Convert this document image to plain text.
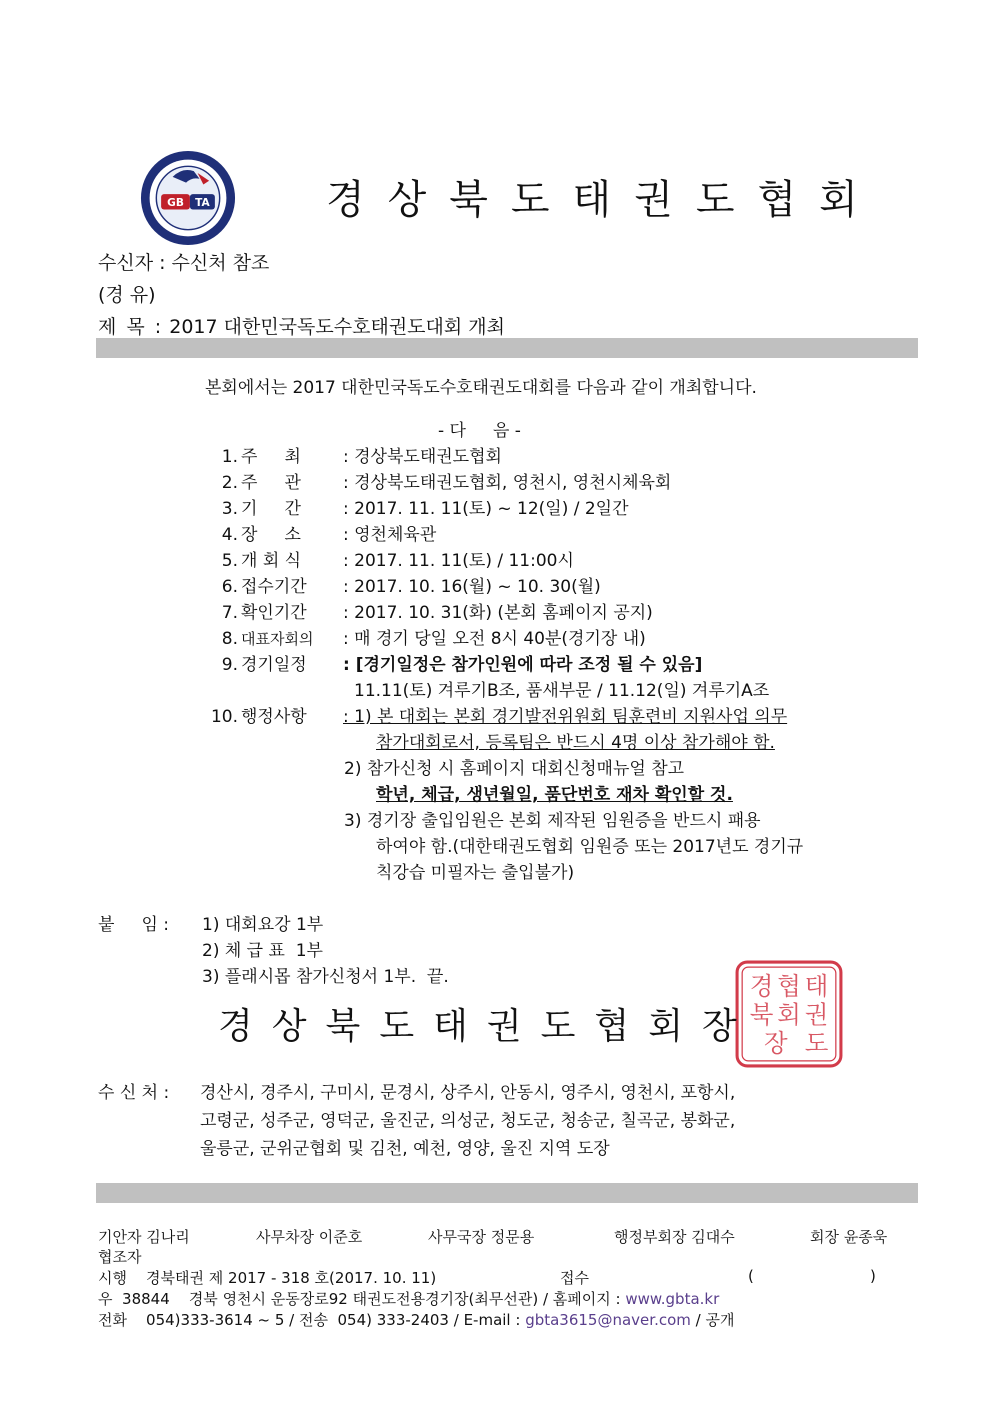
GB TA	경상북도태권도협회
수신자 : 수신처 참조
(경 유)
제 목 : 2017 대한민국독도수호태권도대회 개최
본회에서는 2017 대한민국독도수호태권도대회를 다음과 같이 개최합니다.
- 다     음 -
1. 주     최 : 경상북도태권도협회
2. 주     관 : 경상북도태권도협회, 영천시, 영천시체육회
3. 기     간 : 2017. 11. 11(토) ~ 12(일) / 2일간
4. 장     소 : 영천체육관
5. 개 회 식 : 2017. 11. 11(토) / 11:00시
6. 접수기간 : 2017. 10. 16(월) ~ 10. 30(월)
7. 확인기간 : 2017. 10. 31(화) (본회 홈페이지 공지)
8. 대표자회의 : 매 경기 당일 오전 8시 40분(경기장 내)
9. 경기일정 : [경기일정은 참가인원에 따라 조정 될 수 있음]
11.11(토) 겨루기B조, 품새부문 / 11.12(일) 겨루기A조
10. 행정사항 : 1) 본 대회는 본회 경기발전위원회 팀훈련비 지원사업 의무
참가대회로서, 등록팀은 반드시 4명 이상 참가해야 함.
2) 참가신청 시 홈페이지 대회신청매뉴얼 참고
학년, 체급, 생년월일, 품단번호 재차 확인할 것.
3) 경기장 출입임원은 본회 제작된 임원증을 반드시 패용
하여야 함.(대한태권도협회 임원증 또는 2017년도 경기규
칙강습 미필자는 출입불가)
붙     임 : 1) 대회요강 1부
2) 체 급 표  1부
3) 플래시몹 참가신청서 1부.  끝.	태
권
도
협
회
경
북
장
경상북도태권도협회장
수 신 처 : 경산시, 경주시, 구미시, 문경시, 상주시, 안동시, 영주시, 영천시, 포항시,
고령군, 성주군, 영덕군, 울진군, 의성군, 청도군, 청송군, 칠곡군, 봉화군,
울릉군, 군위군협회 및 김천, 예천, 영양, 울진 지역 도장
기안자 김나리	사무차장 이준호	사무국장 정문용	행정부회장 김대수	회장 윤종욱
협조자
시행    경북태권 제 2017 - 318 호(2017. 10. 11)	접수	(	)
우  38844    경북 영천시 운동장로92 태권도전용경기장(최무선관) / 홈페이지 : www.gbta.kr
전화    054)333-3614 ~ 5 / 전송  054) 333-2403 / E-mail : gbta3615@naver.com / 공개
